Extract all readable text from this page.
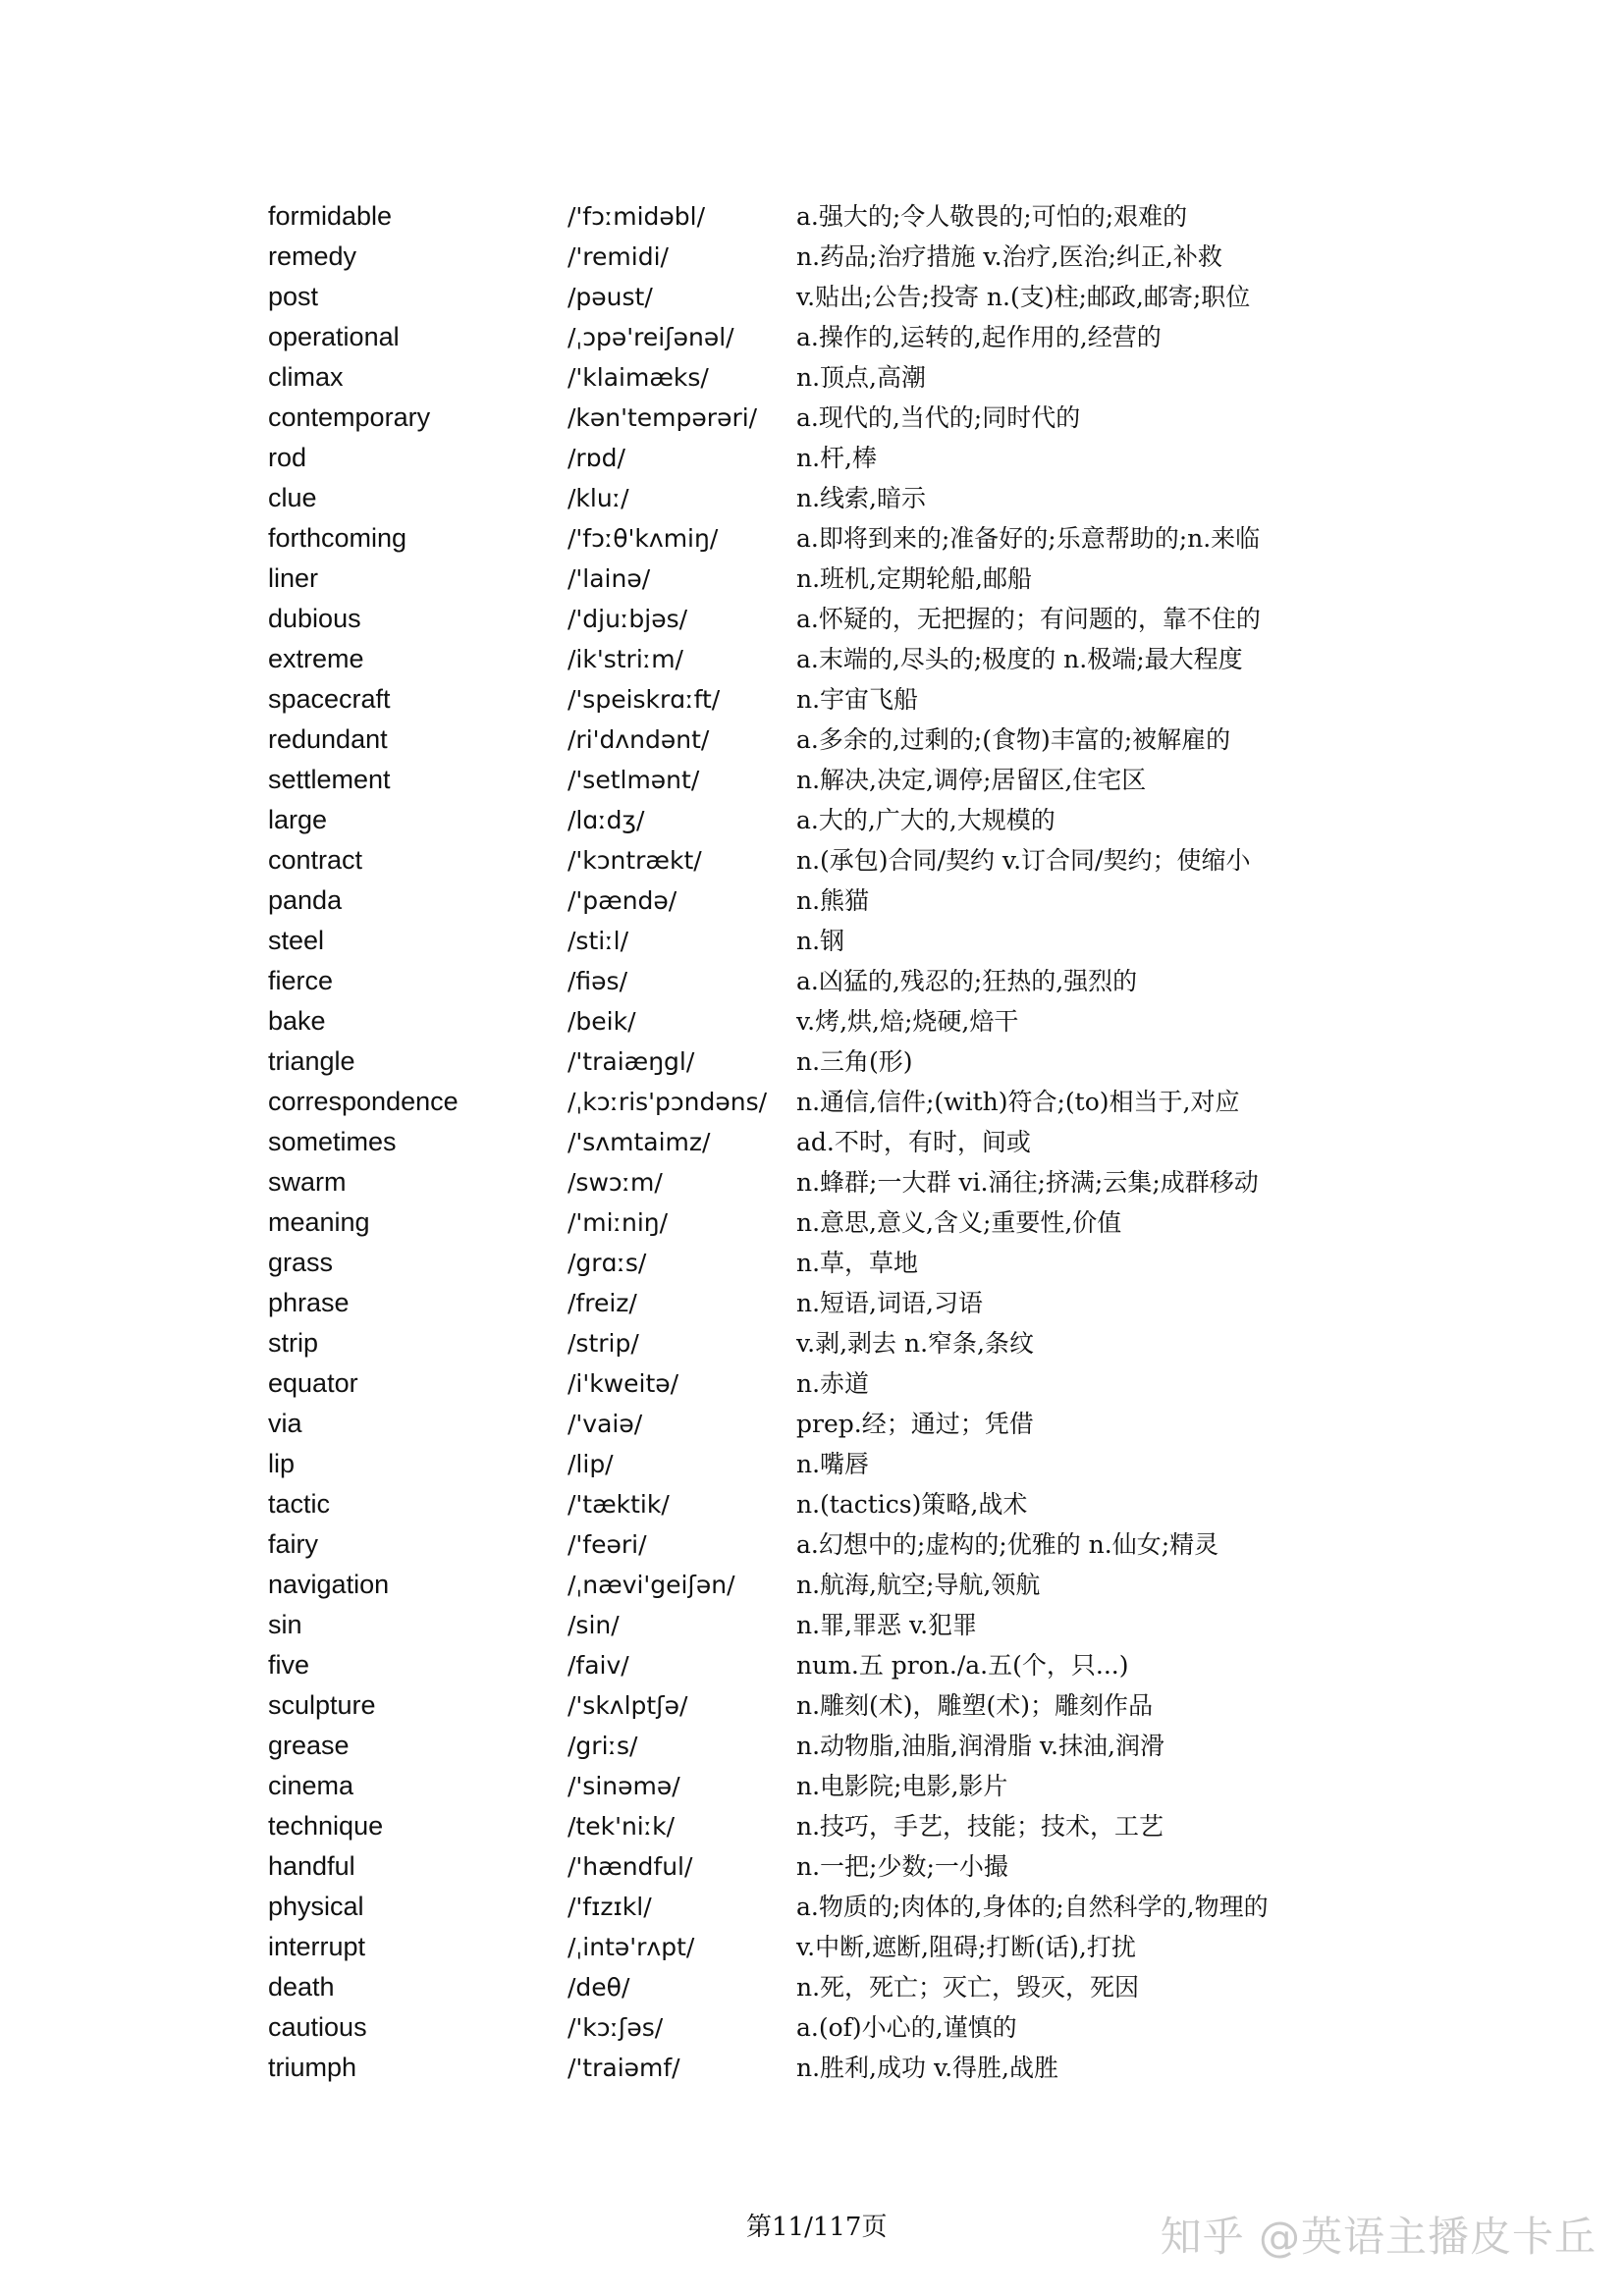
formidable	/'fɔːmidəbl/	a.强大的;令人敬畏的;可怕的;艰难的
remedy	/'remidi/	n.药品;治疗措施 v.治疗,医治;纠正,补救
post	/pəust/	v.贴出;公告;投寄 n.(支)柱;邮政,邮寄;职位
operational	/ˌɔpə'reiʃənəl/	a.操作的,运转的,起作用的,经营的
climax	/'klaimæks/	n.顶点,高潮
contemporary	/kən'tempərəri/ a.现代的,当代的;同时代的
rod	/rɒd/	n.杆,棒
clue	/kluː/	n.线索,暗示
forthcoming	/'fɔːθ'kʌmiŋ/	a.即将到来的;准备好的;乐意帮助的;n.来临
liner	/'lainə/	n.班机,定期轮船,邮船
dubious	/'djuːbjəs/	a.怀疑的，无把握的；有问题的，靠不住的
extreme	/ik'striːm/	a.末端的,尽头的;极度的 n.极端;最大程度
spacecraft	/'speiskrɑːft/	n.宇宙飞船
redundant	/ri'dʌndənt/	a.多余的,过剩的;(食物)丰富的;被解雇的
settlement	/'setlmənt/	n.解决,决定,调停;居留区,住宅区
large	/lɑːdʒ/	a.大的,广大的,大规模的
contract	/'kɔntrækt/	n.(承包)合同/契约 v.订合同/契约；使缩小
panda	/'pændə/	n.熊猫
steel	/stiːl/	n.钢
fierce	/fiəs/	a.凶猛的,残忍的;狂热的,强烈的
bake	/beik/	v.烤,烘,焙;烧硬,焙干
triangle	/'traiæŋgl/	n.三角(形)
correspondence	/ˌkɔːris'pɔndəns/ n.通信,信件;(with)符合;(to)相当于,对应
sometimes	/'sʌmtaimz/	ad.不时，有时，间或
swarm	/swɔːm/	n.蜂群;一大群 vi.涌往;挤满;云集;成群移动
meaning	/'miːniŋ/	n.意思,意义,含义;重要性,价值
grass	/grɑːs/	n.草，草地
phrase	/freiz/	n.短语,词语,习语
strip	/strip/	v.剥,剥去 n.窄条,条纹
equator	/i'kweitə/	n.赤道
via	/'vaiə/	prep.经；通过；凭借
lip	/lip/	n.嘴唇
tactic	/'tæktik/	n.(tactics)策略,战术
fairy	/'feəri/	a.幻想中的;虚构的;优雅的 n.仙女;精灵
navigation	/ˌnævi'geiʃən/ n.航海,航空;导航,领航
sin	/sin/	n.罪,罪恶 v.犯罪
five	/faiv/	num.五 pron./a.五(个，只...)
sculpture	/'skʌlptʃə/	n.雕刻(术)，雕塑(术)；雕刻作品
grease	/griːs/	n.动物脂,油脂,润滑脂 v.抹油,润滑
cinema	/'sinəmə/	n.电影院;电影,影片
technique	/tek'niːk/	n.技巧，手艺，技能；技术，工艺
handful	/'hændful/	n.一把;少数;一小撮
physical	/'fɪzɪkl/	a.物质的;肉体的,身体的;自然科学的,物理的
interrupt	/ˌintə'rʌpt/	v.中断,遮断,阻碍;打断(话),打扰
death	/deθ/	n.死，死亡；灭亡，毁灭，死因
cautious	/'kɔːʃəs/	a.(of)小心的,谨慎的
triumph	/'traiəmf/	n.胜利,成功 v.得胜,战胜
第11/117页	知乎 @英语主播皮卡丘
